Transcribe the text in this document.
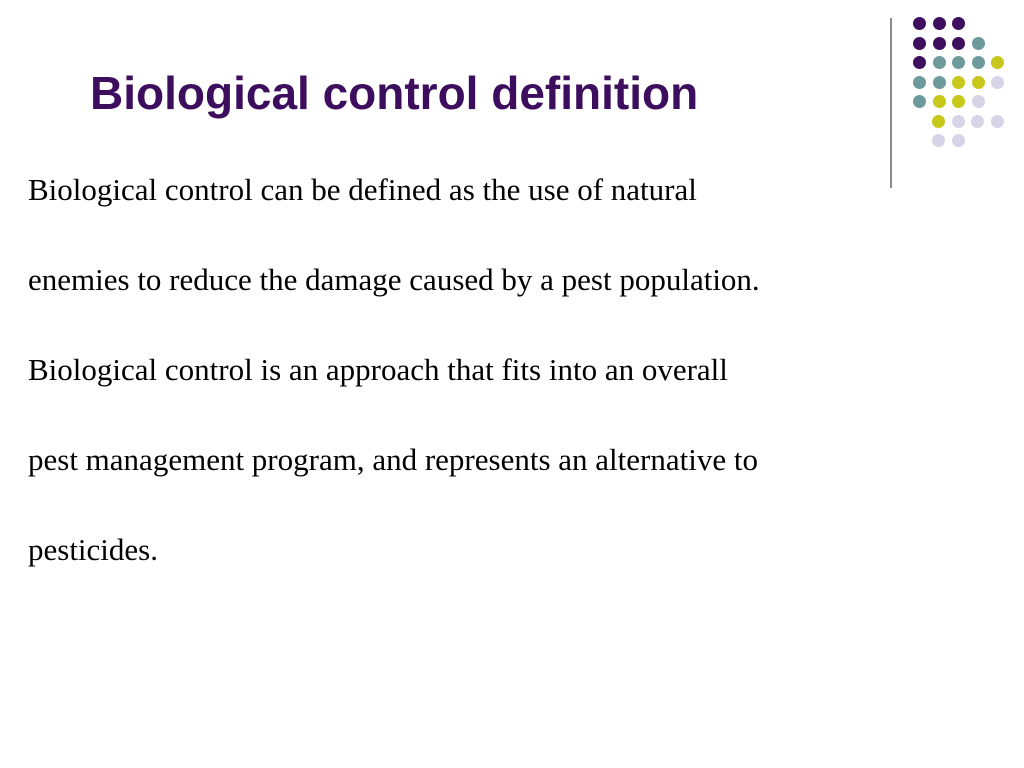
Biological control definition
Biological control can be defined as the use of natural
enemies to reduce the damage caused by a pest population.
Biological control is an approach that fits into an overall
pest management program, and represents an alternative to
pesticides.
